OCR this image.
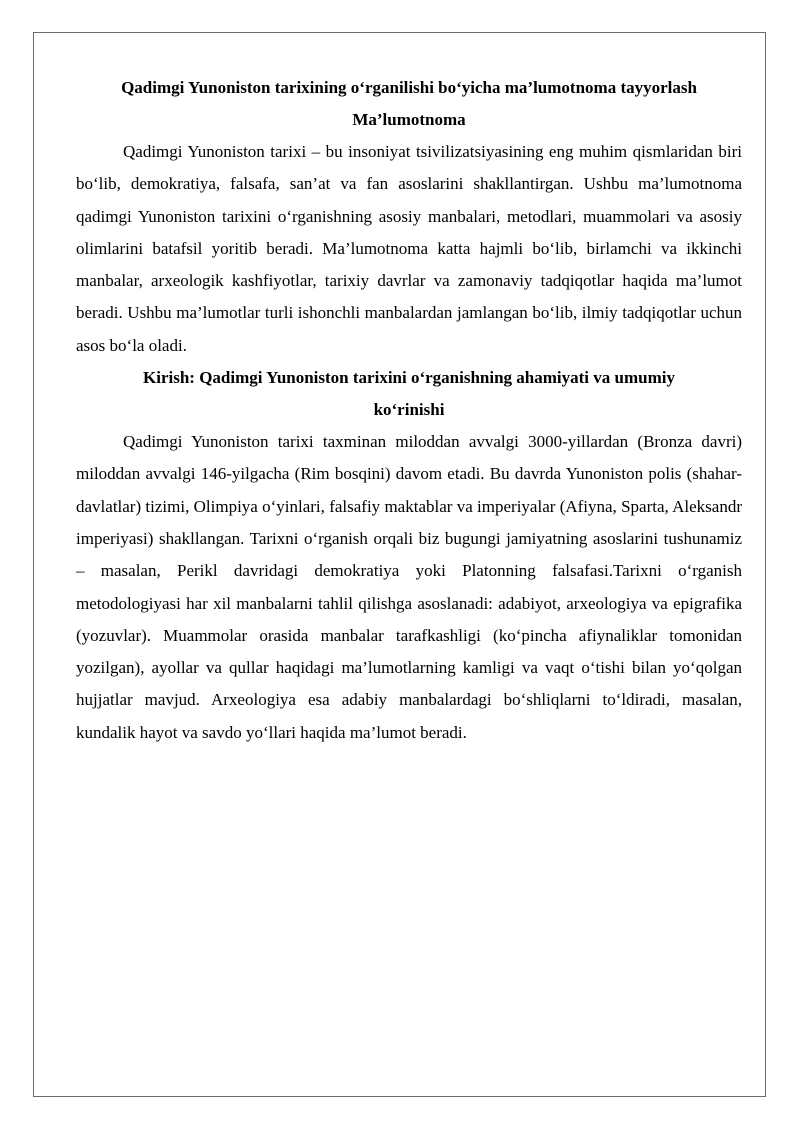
Qadimgi Yunoniston tarixining o‘rganilishi bo‘yicha ma’lumotnoma tayyorlash

Ma’lumotnoma

Qadimgi Yunoniston tarixi – bu insoniyat tsivilizatsiyasining eng muhim qismlaridan biri bo‘lib, demokratiya, falsafa, san’at va fan asoslarini shakllantirgan. Ushbu ma’lumotnoma qadimgi Yunoniston tarixini o‘rganishning asosiy manbalari, metodlari, muammolari va asosiy olimlarini batafsil yoritib beradi. Ma’lumotnoma katta hajmli bo‘lib, birlamchi va ikkinchi manbalar, arxeologik kashfiyotlar, tarixiy davrlar va zamonaviy tadqiqotlar haqida ma’lumot beradi. Ushbu ma’lumotlar turli ishonchli manbalardan jamlangan bo‘lib, ilmiy tadqiqotlar uchun asos bo‘la oladi.

Kirish: Qadimgi Yunoniston tarixini o‘rganishning ahamiyati va umumiy

ko‘rinishi

Qadimgi Yunoniston tarixi taxminan miloddan avvalgi 3000-yillardan (Bronza davri) miloddan avvalgi 146-yilgacha (Rim bosqini) davom etadi. Bu davrda Yunoniston polis (shahar-davlatlar) tizimi, Olimpiya o‘yinlari, falsafiy maktablar va imperiyalar (Afiyna, Sparta, Aleksandr imperiyasi) shakllangan. Tarixni o‘rganish orqali biz bugungi jamiyatning asoslarini tushunamiz – masalan, Perikl davridagi demokratiya yoki Platonning falsafasi.Tarixni o‘rganish metodologiyasi har xil manbalarni tahlil qilishga asoslanadi: adabiyot, arxeologiya va epigrafika (yozuvlar). Muammolar orasida manbalar tarafkashligi (ko‘pincha afiynaliklar tomonidan yozilgan), ayollar va qullar haqidagi ma’lumotlarning kamligi va vaqt o‘tishi bilan yo‘qolgan hujjatlar mavjud. Arxeologiya esa adabiy manbalardagi bo‘shliqlarni to‘ldiradi, masalan, kundalik hayot va savdo yo‘llari haqida ma’lumot beradi.
